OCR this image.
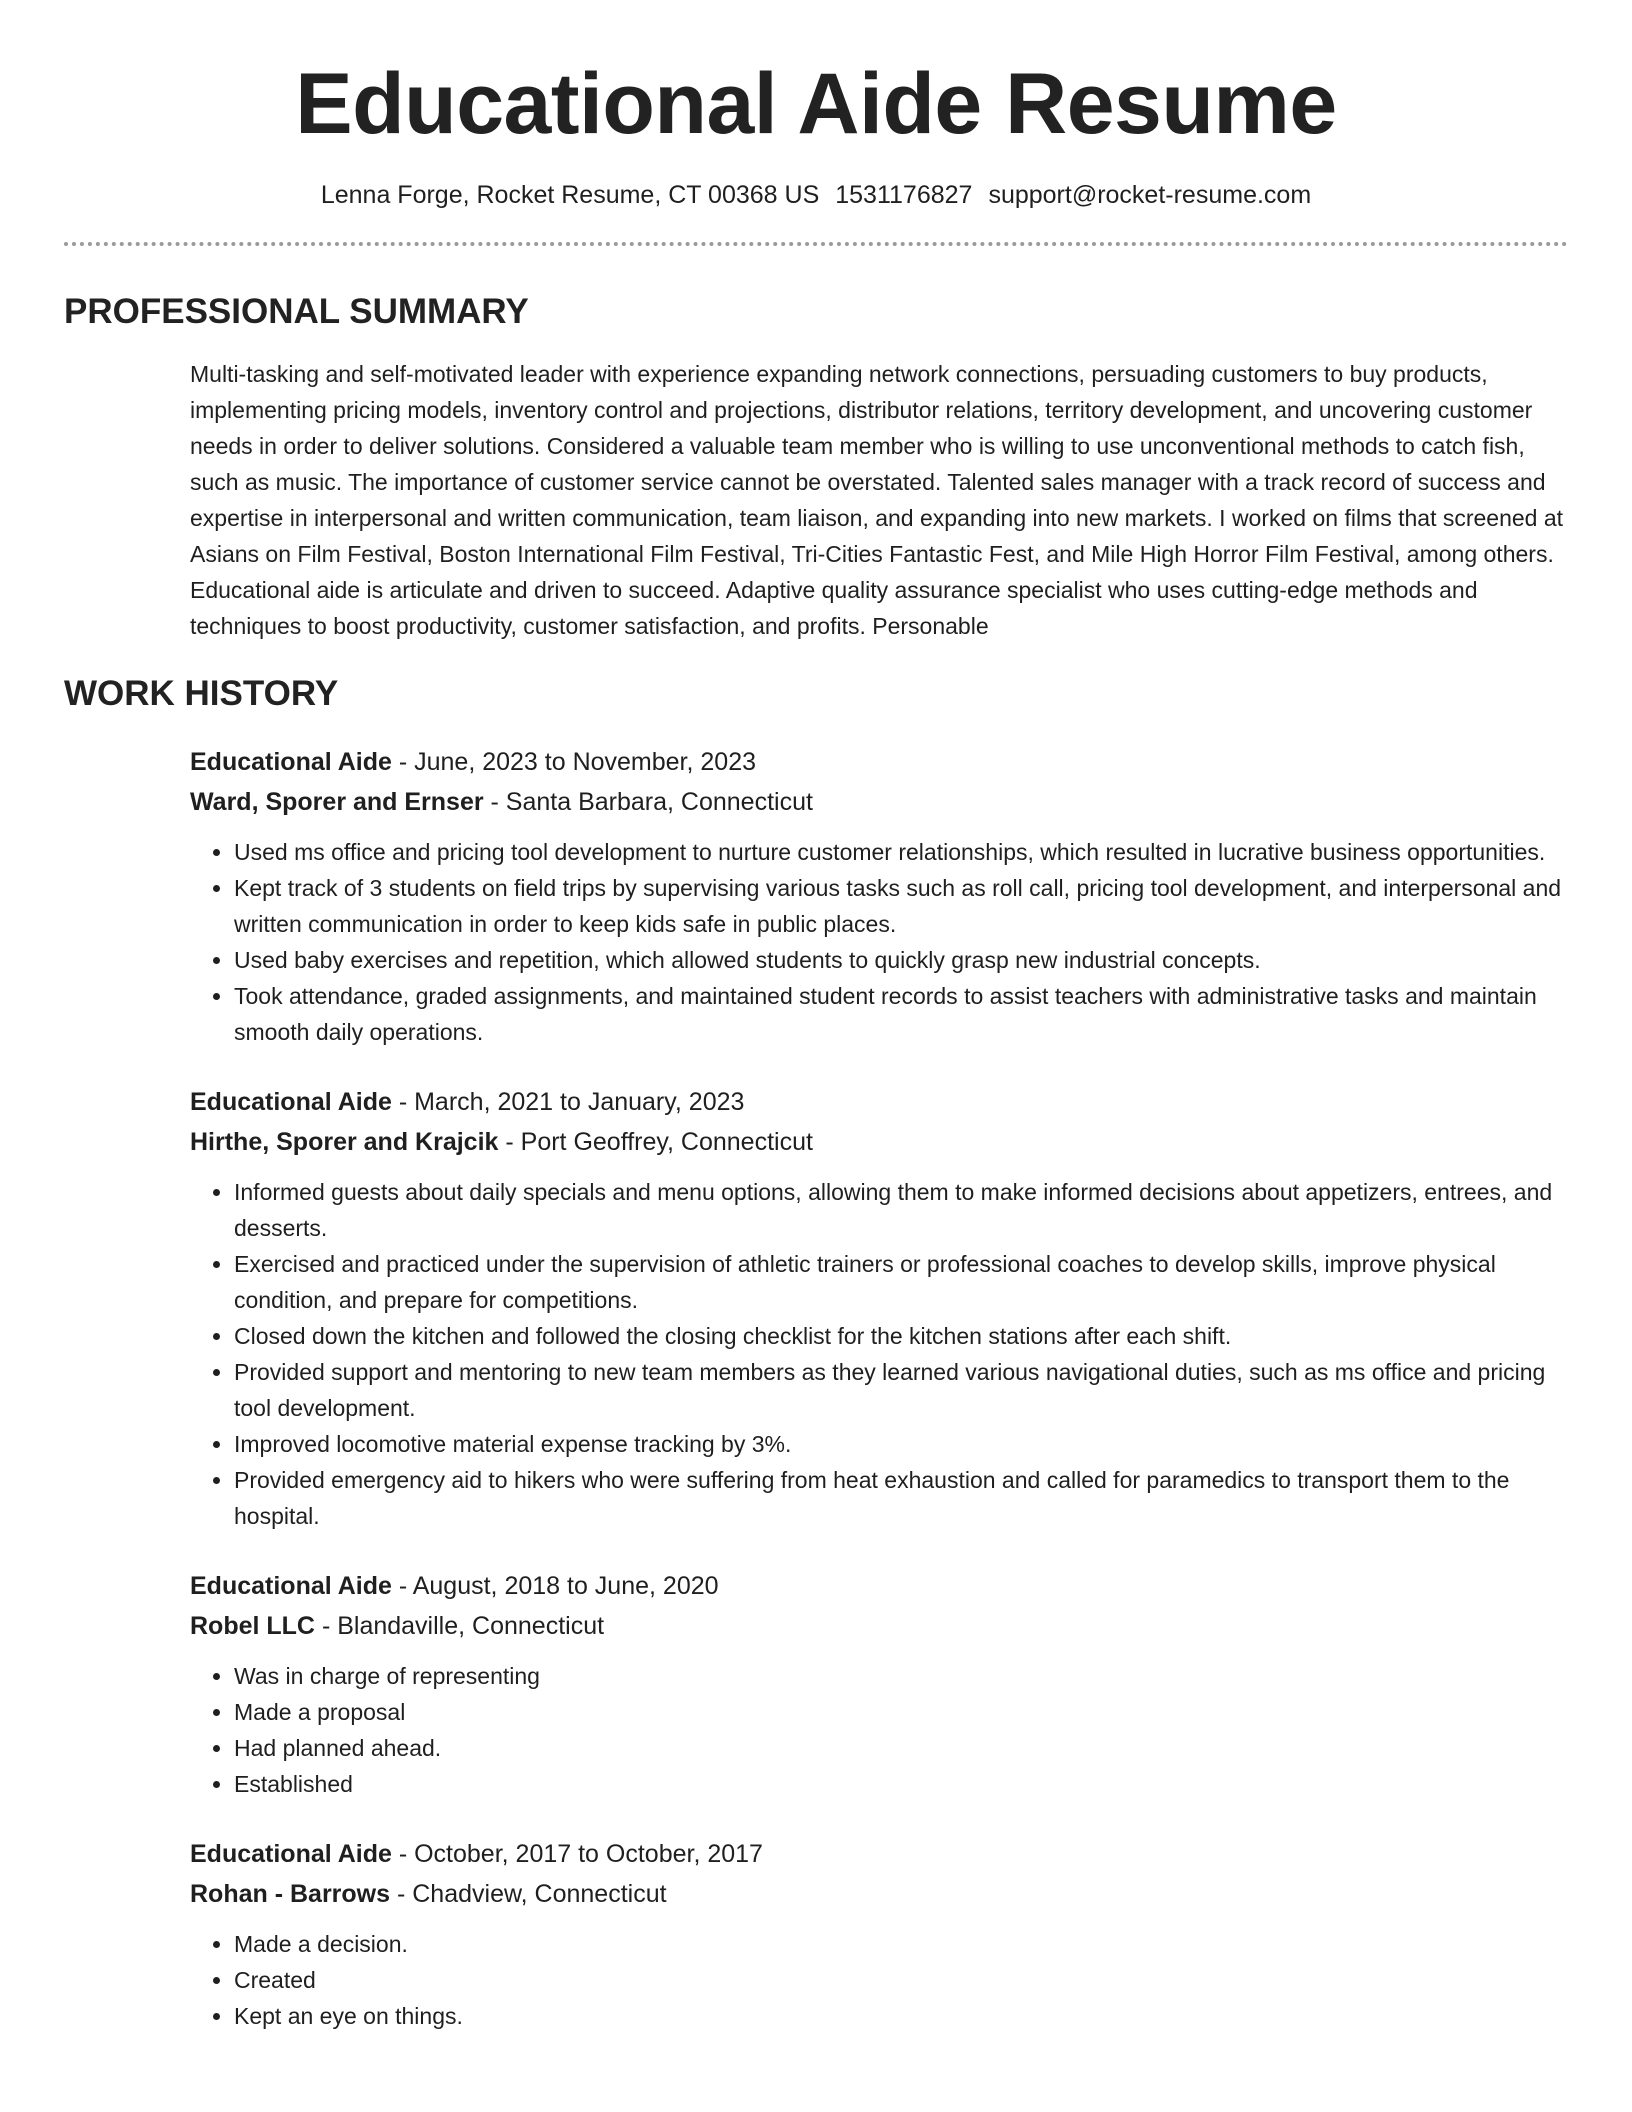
Educational Aide Resume
Lenna Forge, Rocket Resume, CT 00368 US 1531176827 support@rocket-resume.com
PROFESSIONAL SUMMARY

Multi-tasking and self-motivated leader with experience expanding network connections, persuading customers to buy products, implementing pricing models, inventory control and projections, distributor relations, territory development, and uncovering customer needs in order to deliver solutions. Considered a valuable team member who is willing to use unconventional methods to catch fish, such as music. The importance of customer service cannot be overstated. Talented sales manager with a track record of success and expertise in interpersonal and written communication, team liaison, and expanding into new markets. I worked on films that screened at Asians on Film Festival, Boston International Film Festival, Tri-Cities Fantastic Fest, and Mile High Horror Film Festival, among others. Educational aide is articulate and driven to succeed. Adaptive quality assurance specialist who uses cutting-edge methods and techniques to boost productivity, customer satisfaction, and profits. Personable

WORK HISTORY
Educational Aide - June, 2023 to November, 2023
Ward, Sporer and Ernser - Santa Barbara, Connecticut
• Used ms office and pricing tool development to nurture customer relationships, which resulted in lucrative business opportunities.
• Kept track of 3 students on field trips by supervising various tasks such as roll call, pricing tool development, and interpersonal and written communication in order to keep kids safe in public places.
• Used baby exercises and repetition, which allowed students to quickly grasp new industrial concepts.
• Took attendance, graded assignments, and maintained student records to assist teachers with administrative tasks and maintain smooth daily operations.
Educational Aide - March, 2021 to January, 2023
Hirthe, Sporer and Krajcik - Port Geoffrey, Connecticut
• Informed guests about daily specials and menu options, allowing them to make informed decisions about appetizers, entrees, and desserts.
• Exercised and practiced under the supervision of athletic trainers or professional coaches to develop skills, improve physical condition, and prepare for competitions.
• Closed down the kitchen and followed the closing checklist for the kitchen stations after each shift.
• Provided support and mentoring to new team members as they learned various navigational duties, such as ms office and pricing tool development.
• Improved locomotive material expense tracking by 3%.
• Provided emergency aid to hikers who were suffering from heat exhaustion and called for paramedics to transport them to the hospital.
Educational Aide - August, 2018 to June, 2020
Robel LLC - Blandaville, Connecticut
• Was in charge of representing
• Made a proposal
• Had planned ahead.
• Established
Educational Aide - October, 2017 to October, 2017
Rohan - Barrows - Chadview, Connecticut
• Made a decision.
• Created
• Kept an eye on things.
